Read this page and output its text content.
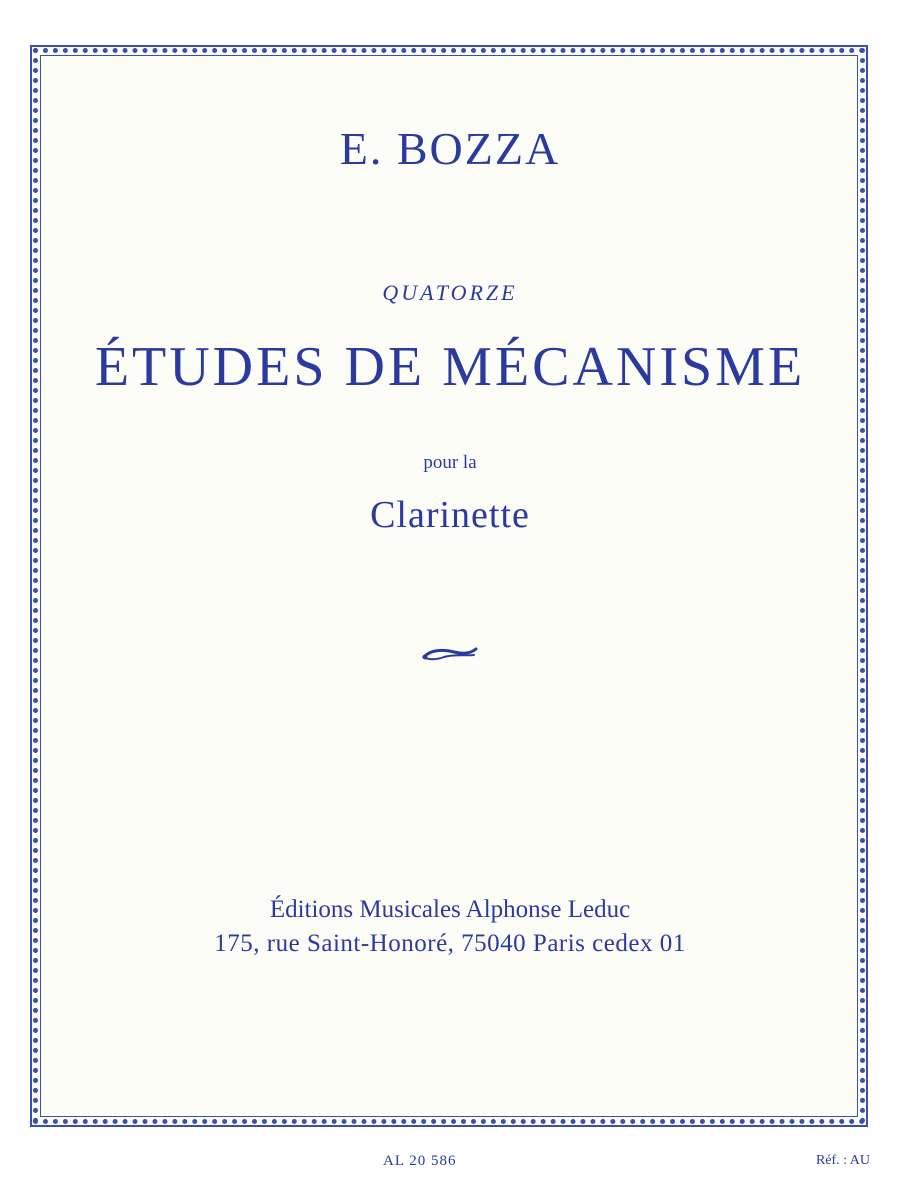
E. BOZZA
QUATORZE
ÉTUDES DE MÉCANISME
pour la
Clarinette
Éditions Musicales Alphonse Leduc
175, rue Saint-Honoré, 75040 Paris cedex 01
AL 20 586	Réf. : AU
